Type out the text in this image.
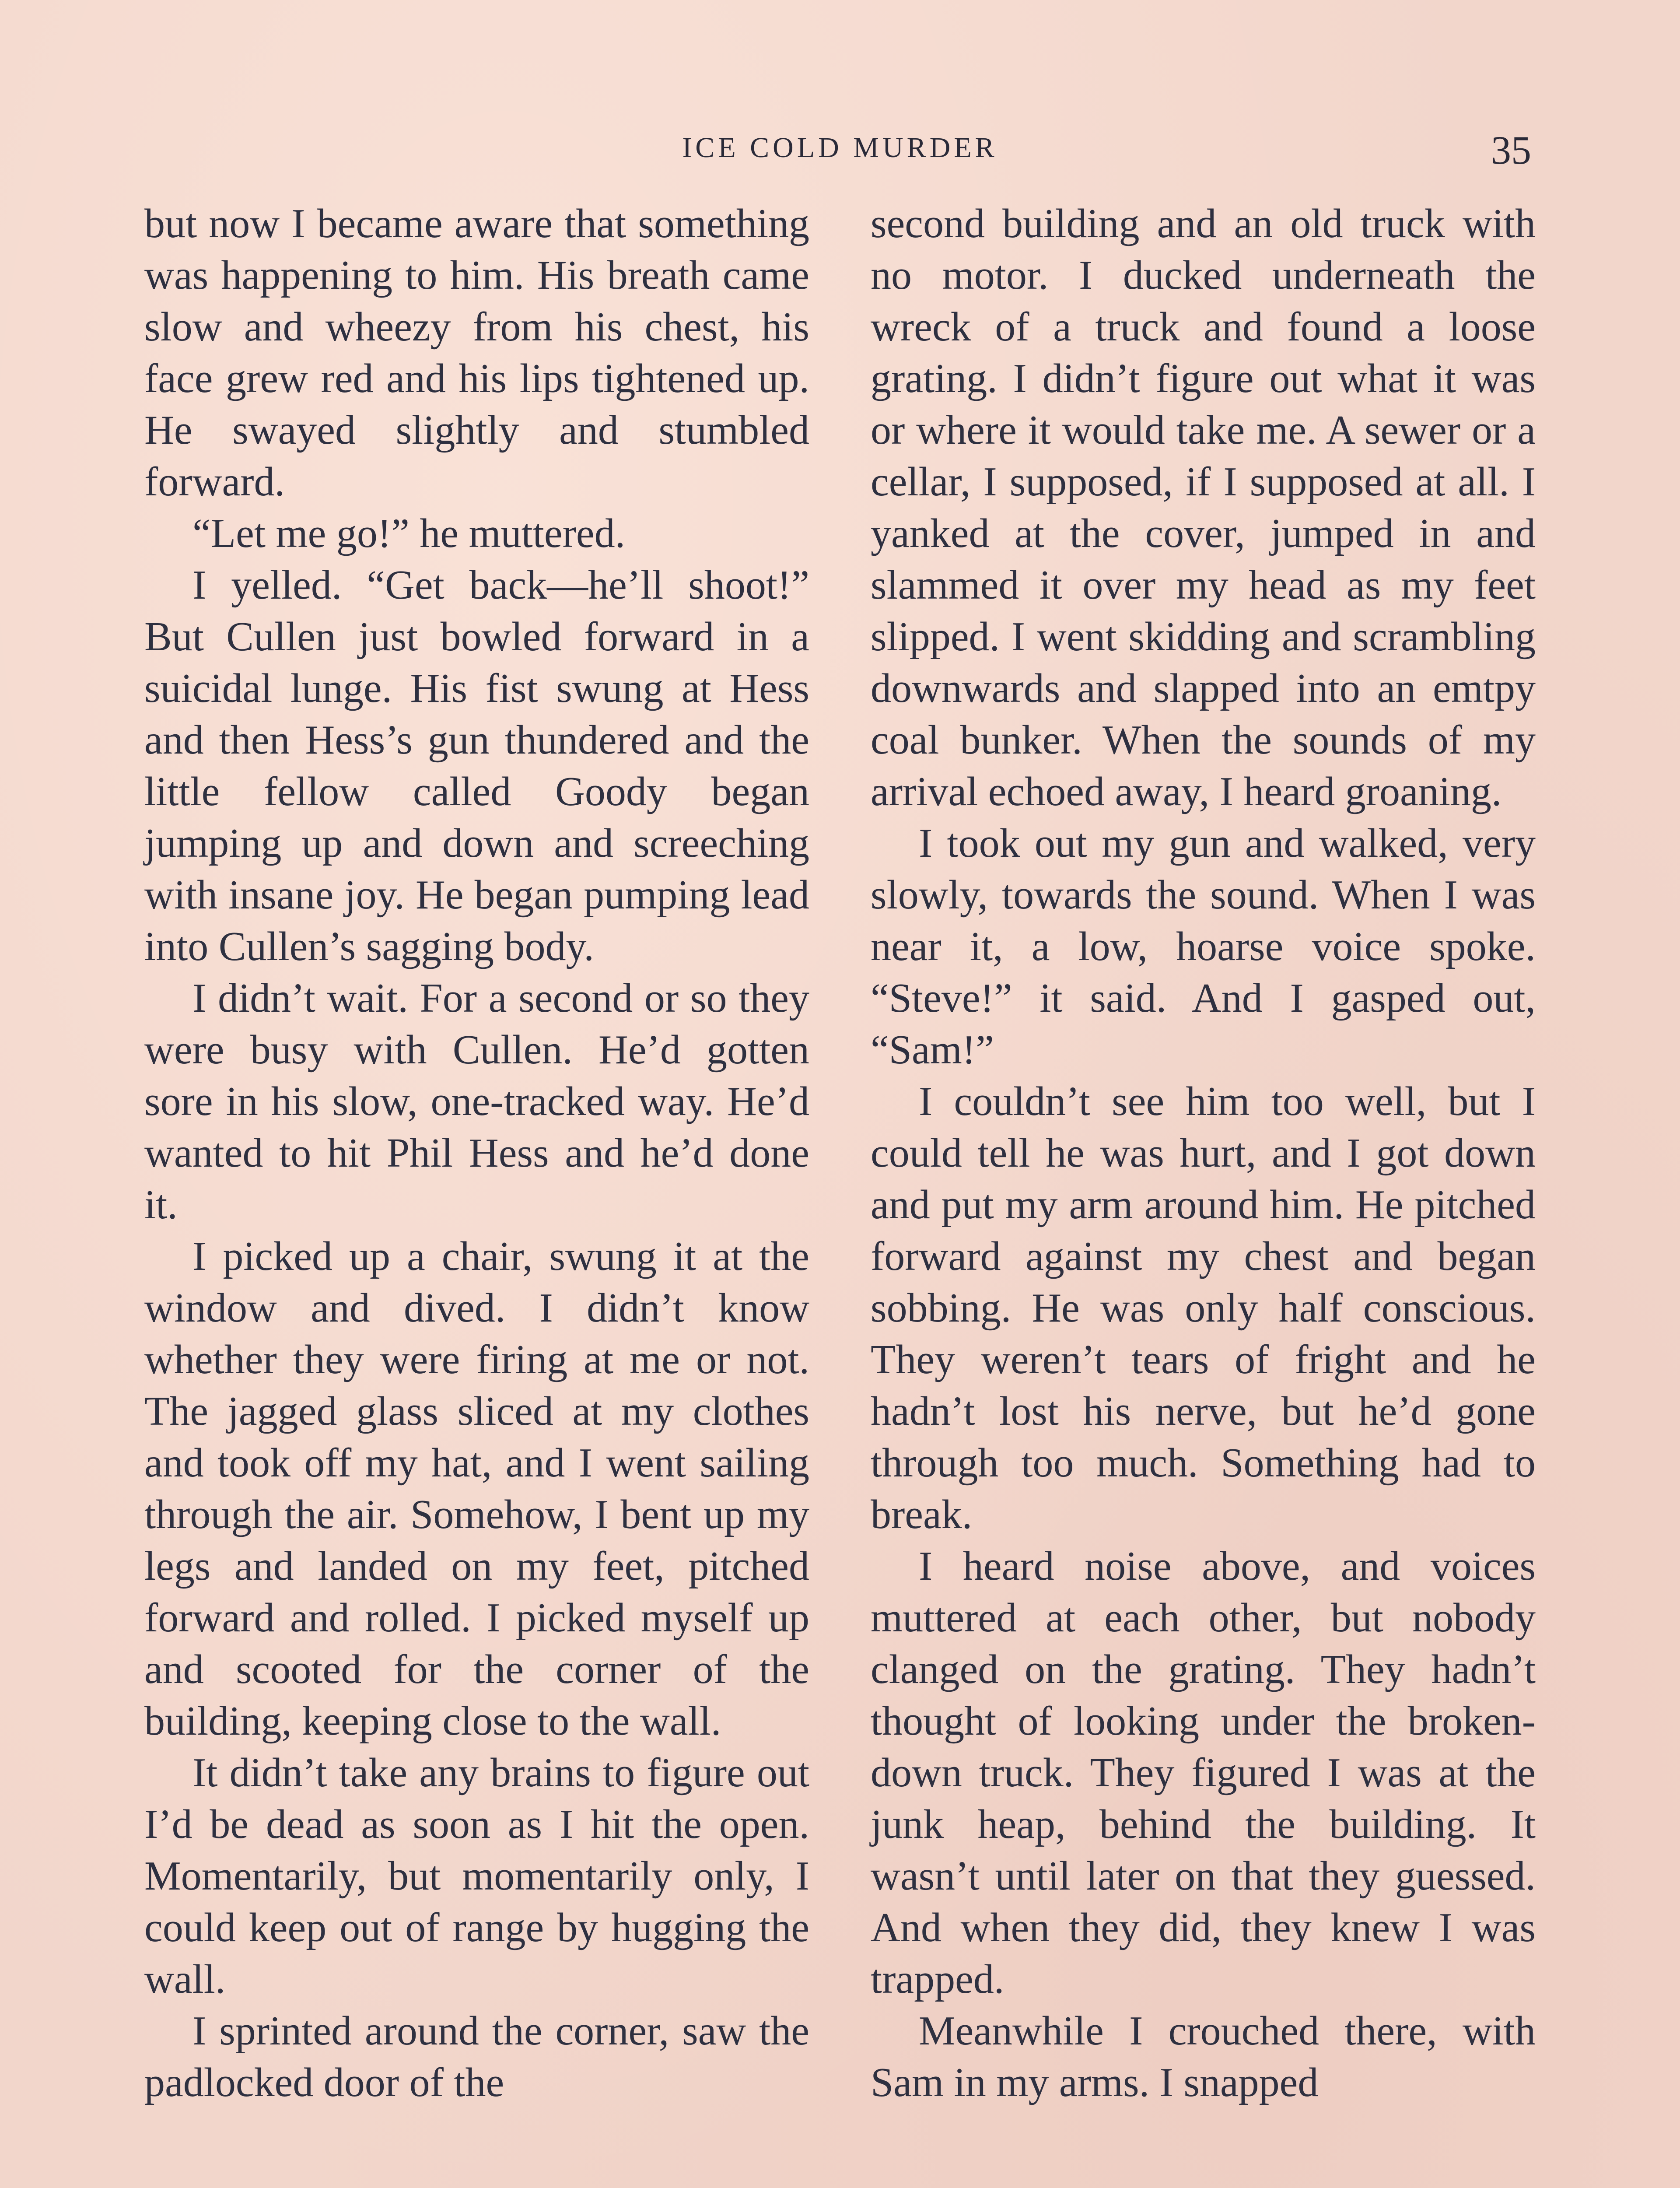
ICE COLD MURDER	35

but now I became aware that something was happening to him. His breath came slow and wheezy from his chest, his face grew red and his lips tightened up. He swayed slightly and stumbled forward.

“Let me go!” he muttered.

I yelled. “Get back—he’ll shoot!” But Cullen just bowled forward in a suicidal lunge. His fist swung at Hess and then Hess’s gun thundered and the little fellow called Goody began jumping up and down and screeching with insane joy. He began pumping lead into Cullen’s sagging body.

I didn’t wait. For a second or so they were busy with Cullen. He’d gotten sore in his slow, one-tracked way. He’d wanted to hit Phil Hess and he’d done it.

I picked up a chair, swung it at the window and dived. I didn’t know whether they were firing at me or not. The jagged glass sliced at my clothes and took off my hat, and I went sailing through the air. Somehow, I bent up my legs and landed on my feet, pitched forward and rolled. I picked myself up and scooted for the corner of the building, keeping close to the wall.

It didn’t take any brains to figure out I’d be dead as soon as I hit the open. Momentarily, but momentarily only, I could keep out of range by hugging the wall.

I sprinted around the corner, saw the padlocked door of the

second building and an old truck with no motor. I ducked underneath the wreck of a truck and found a loose grating. I didn’t figure out what it was or where it would take me. A sewer or a cellar, I supposed, if I supposed at all. I yanked at the cover, jumped in and slammed it over my head as my feet slipped. I went skidding and scrambling downwards and slapped into an emtpy coal bunker. When the sounds of my arrival echoed away, I heard groaning.

I took out my gun and walked, very slowly, towards the sound. When I was near it, a low, hoarse voice spoke. “Steve!” it said. And I gasped out, “Sam!”

I couldn’t see him too well, but I could tell he was hurt, and I got down and put my arm around him. He pitched forward against my chest and began sobbing. He was only half conscious. They weren’t tears of fright and he hadn’t lost his nerve, but he’d gone through too much. Something had to break.

I heard noise above, and voices muttered at each other, but nobody clanged on the grating. They hadn’t thought of looking under the broken-down truck. They figured I was at the junk heap, behind the building. It wasn’t until later on that they guessed. And when they did, they knew I was trapped.

Meanwhile I crouched there, with Sam in my arms. I snapped
